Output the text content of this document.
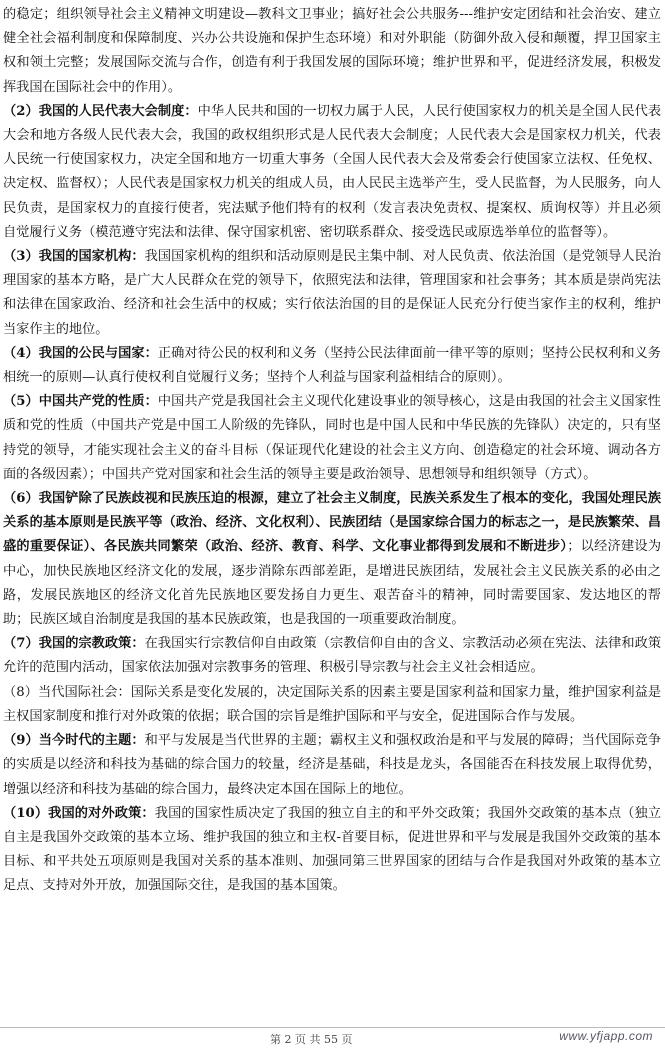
的稳定；组织领导社会主义精神文明建设—教科文卫事业；搞好社会公共服务---维护安定团结和社会治安、建立健全社会福利制度和保障制度、兴办公共设施和保护生态环境）和对外职能（防御外敌入侵和颠覆，捍卫国家主权和领土完整；发展国际交流与合作，创造有利于我国发展的国际环境；维护世界和平，促进经济发展，积极发挥我国在国际社会中的作用）。

（2）我国的人民代表大会制度：中华人民共和国的一切权力属于人民，人民行使国家权力的机关是全国人民代表大会和地方各级人民代表大会，我国的政权组织形式是人民代表大会制度；人民代表大会是国家权力机关，代表人民统一行使国家权力，决定全国和地方一切重大事务（全国人民代表大会及常委会行使国家立法权、任免权、决定权、监督权）；人民代表是国家权力机关的组成人员，由人民民主选举产生，受人民监督，为人民服务，向人民负责，是国家权力的直接行使者，宪法赋予他们特有的权利（发言表决免责权、提案权、质询权等）并且必须自觉履行义务（模范遵守宪法和法律、保守国家机密、密切联系群众、接受选民或原选举单位的监督等）。

（3）我国的国家机构：我国国家机构的组织和活动原则是民主集中制、对人民负责、依法治国（是党领导人民治理国家的基本方略，是广大人民群众在党的领导下，依照宪法和法律，管理国家和社会事务；其本质是崇尚宪法和法律在国家政治、经济和社会生活中的权威；实行依法治国的目的是保证人民充分行使当家作主的权利，维护当家作主的地位。

（4）我国的公民与国家：正确对待公民的权利和义务（坚持公民法律面前一律平等的原则；坚持公民权利和义务相统一的原则—认真行使权利自觉履行义务；坚持个人利益与国家利益相结合的原则）。

（5）中国共产党的性质：中国共产党是我国社会主义现代化建设事业的领导核心，这是由我国的社会主义国家性质和党的性质（中国共产党是中国工人阶级的先锋队，同时也是中国人民和中华民族的先锋队）决定的，只有坚持党的领导，才能实现社会主义的奋斗目标（保证现代化建设的社会主义方向、创造稳定的社会环境、调动各方面的各级因素）；中国共产党对国家和社会生活的领导主要是政治领导、思想领导和组织领导（方式）。

（6）我国铲除了民族歧视和民族压迫的根源，建立了社会主义制度，民族关系发生了根本的变化，我国处理民族关系的基本原则是民族平等（政治、经济、文化权利）、民族团结（是国家综合国力的标志之一，是民族繁荣、昌盛的重要保证）、各民族共同繁荣（政治、经济、教育、科学、文化事业都得到发展和不断进步）；以经济建设为中心，加快民族地区经济文化的发展，逐步消除东西部差距，是增进民族团结，发展社会主义民族关系的必由之路，发展民族地区的经济文化首先民族地区要发扬自力更生、艰苦奋斗的精神，同时需要国家、发达地区的帮助；民族区域自治制度是我国的基本民族政策，也是我国的一项重要政治制度。

（7）我国的宗教政策：在我国实行宗教信仰自由政策（宗教信仰自由的含义、宗教活动必须在宪法、法律和政策允许的范围内活动，国家依法加强对宗教事务的管理、积极引导宗教与社会主义社会相适应。

（8）当代国际社会：国际关系是变化发展的，决定国际关系的因素主要是国家利益和国家力量，维护国家利益是主权国家制度和推行对外政策的依据；联合国的宗旨是维护国际和平与安全，促进国际合作与发展。

（9）当今时代的主题：和平与发展是当代世界的主题；霸权主义和强权政治是和平与发展的障碍；当代国际竞争的实质是以经济和科技为基础的综合国力的较量，经济是基础，科技是龙头，各国能否在科技发展上取得优势，增强以经济和科技为基础的综合国力，最终决定本国在国际上的地位。

（10）我国的对外政策：我国的国家性质决定了我国的独立自主的和平外交政策；我国外交政策的基本点（独立自主是我国外交政策的基本立场、维护我国的独立和主权-首要目标，促进世界和平与发展是我国外交政策的基本目标、和平共处五项原则是我国对关系的基本准则、加强同第三世界国家的团结与合作是我国对外政策的基本立足点、支持对外开放，加强国际交往，是我国的基本国策。

第 2 页 共 55 页	www.yfjapp.com
